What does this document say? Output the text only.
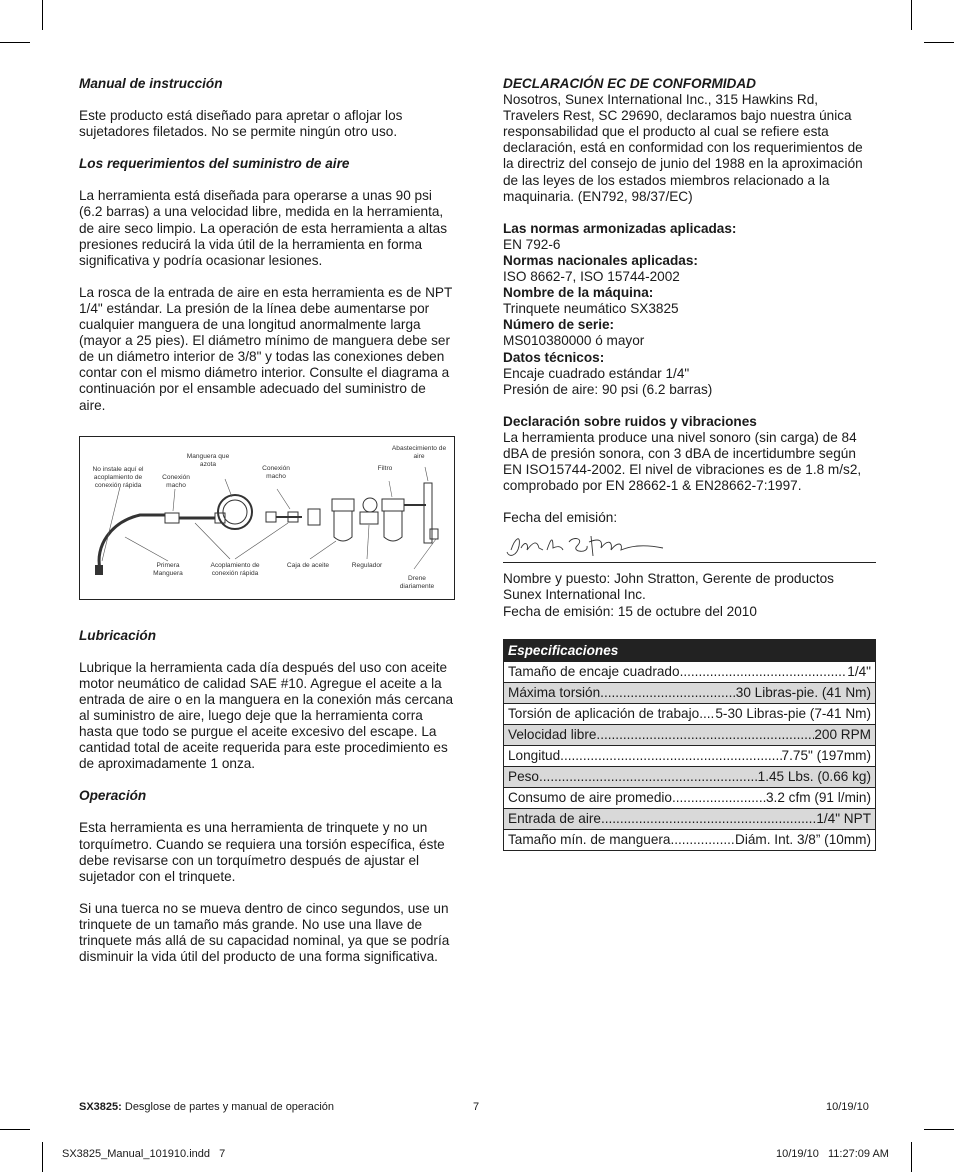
Manual de instrucción

Este producto está diseñado para apretar o aflojar los sujetadores filetados. No se permite ningún otro uso.

Los requerimientos del suministro de aire

La herramienta está diseñada para operarse a unas 90 psi (6.2 barras) a una velocidad libre, medida en la herramienta, de aire seco limpio. La operación de esta herramienta a altas presiones reducirá la vida útil de la herramienta en forma significativa y podría ocasionar lesiones.

La rosca de la entrada de aire en esta herramienta es de NPT 1/4" estándar. La presión de la línea debe aumentarse por cualquier manguera de una longitud anormalmente larga (mayor a 25 pies). El diámetro mínimo de manguera debe ser de un diámetro interior de 3/8" y todas las conexiones deben contar con el mismo diámetro interior. Consulte el diagrama a continuación por el ensamble adecuado del suministro de aire.

No instale aquí el acoplamiento de conexión rápida
Conexión macho
Manguera que azota
Conexión macho
Filtro
Abastecimiento de aire
Primera Manguera
Acoplamiento de conexión rápida
Caja de aceite	Regulador
Drene diariamente

Lubricación

Lubrique la herramienta cada día después del uso con aceite motor neumático de calidad SAE #10. Agregue el aceite a la entrada de aire o en la manguera en la conexión más cercana al suministro de aire, luego deje que la herramienta corra hasta que todo se purgue el aceite excesivo del escape. La cantidad total de aceite requerida para este procedimiento es de aproximadamente 1 onza.

Operación

Esta herramienta es una herramienta de trinquete y no un torquímetro. Cuando se requiera una torsión específica, éste debe revisarse con un torquímetro después de ajustar el sujetador con el trinquete.

Si una tuerca no se mueva dentro de cinco segundos, use un trinquete de un tamaño más grande. No use una llave de trinquete más allá de su capacidad nominal, ya que se podría disminuir la vida útil del producto de una forma significativa.

DECLARACIÓN EC DE CONFORMIDAD

Nosotros, Sunex International Inc., 315 Hawkins Rd, Travelers Rest, SC 29690, declaramos bajo nuestra única responsabilidad que el producto al cual se refiere esta declaración, está en conformidad con los requerimientos de la directriz del consejo de junio del 1988 en la aproximación de las leyes de los estados miembros relacionado a la maquinaria. (EN792, 98/37/EC)

Las normas armonizadas aplicadas:

EN 792-6

Normas nacionales aplicadas:

ISO 8662-7, ISO 15744-2002

Nombre de la máquina:

Trinquete neumático SX3825

Número de serie:

MS010380000 ó mayor

Datos técnicos:

Encaje cuadrado estándar 1/4"

Presión de aire: 90 psi (6.2 barras)

Declaración sobre ruidos y vibraciones

La herramienta produce una nivel sonoro (sin carga) de 84 dBA de presión sonora, con 3 dBA de incertidumbre según EN ISO15744-2002. El nivel de vibraciones es de 1.8 m/s2, comprobado por EN 28662-1 & EN28662-7:1997.

Fecha del emisión:

Nombre y puesto: John Stratton, Gerente de productos

Sunex International Inc.

Fecha de emisión: 15 de octubre del 2010

Especificaciones
Tamaño de encaje cuadrado .....	1/4"
Máxima torsión .....	30 Libras-pie. (41 Nm)
Torsión de aplicación de trabajo ..... 5-30 Libras-pie (7-41 Nm)
Velocidad libre .....	200 RPM
Longitud .....	7.75" (197mm)
Peso .....	1.45 Lbs. (0.66 kg)
Consumo de aire promedio. .....	3.2 cfm (91 l/min)
Entrada de aire .....	1/4" NPT
Tamaño mín. de manguera .....	Diám. Int. 3/8” (10mm)
SX3825: Desglose de partes y manual de operación	7	10/19/10
SX3825_Manual_101910.indd   7	10/19/10   11:27:09 AM
